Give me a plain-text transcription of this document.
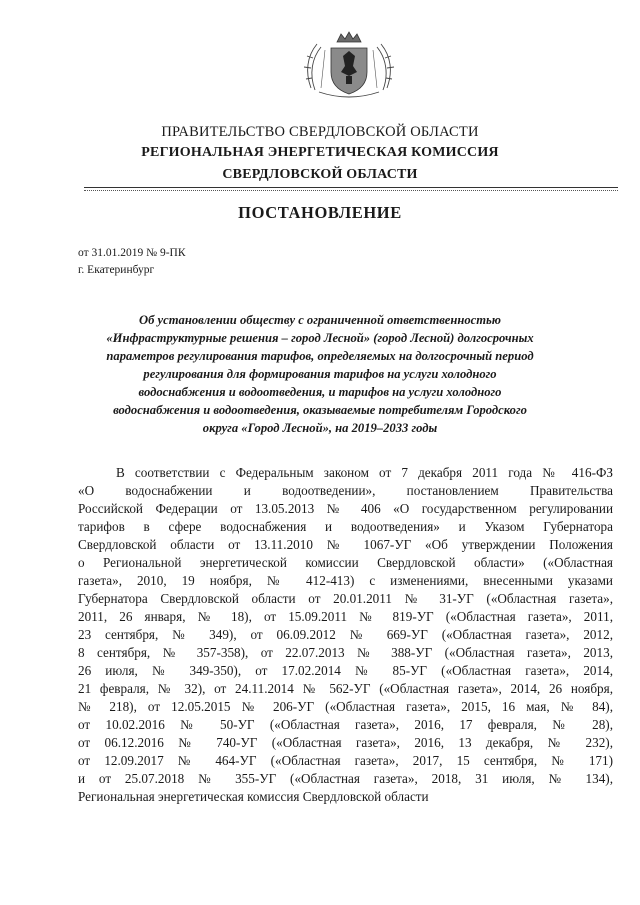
ПРАВИТЕЛЬСТВО СВЕРДЛОВСКОЙ ОБЛАСТИ
РЕГИОНАЛЬНАЯ ЭНЕРГЕТИЧЕСКАЯ КОМИССИЯ
СВЕРДЛОВСКОЙ ОБЛАСТИ
ПОСТАНОВЛЕНИЕ
от 31.01.2019 № 9-ПК
г. Екатеринбург
Об установлении обществу с ограниченной ответственностью
«Инфраструктурные решения – город Лесной» (город Лесной) долгосрочных
параметров регулирования тарифов, определяемых на долгосрочный период
регулирования для формирования тарифов на услуги холодного
водоснабжения и водоотведения, и тарифов на услуги холодного
водоснабжения и водоотведения, оказываемые потребителям Городского
округа «Город Лесной», на 2019–2033 годы
В соответствии с Федеральным законом от 7 декабря 2011 года № 416-ФЗ
«О водоснабжении и водоотведении», постановлением Правительства
Российской Федерации от 13.05.2013 № 406 «О государственном регулировании
тарифов в сфере водоснабжения и водоотведения» и Указом Губернатора
Свердловской области от 13.11.2010 № 1067-УГ «Об утверждении Положения
о Региональной энергетической комиссии Свердловской области» («Областная
газета», 2010, 19 ноября, № 412-413) с изменениями, внесенными указами
Губернатора Свердловской области от 20.01.2011 № 31-УГ («Областная газета»,
2011, 26 января, № 18), от 15.09.2011 № 819-УГ («Областная газета», 2011,
23 сентября, № 349), от 06.09.2012 № 669-УГ («Областная газета», 2012,
8 сентября, № 357-358), от 22.07.2013 № 388-УГ («Областная газета», 2013,
26 июля, № 349-350), от 17.02.2014 № 85-УГ («Областная газета», 2014,
21 февраля, № 32), от 24.11.2014 № 562-УГ («Областная газета», 2014, 26 ноября,
№ 218), от 12.05.2015 № 206-УГ («Областная газета», 2015, 16 мая, № 84),
от 10.02.2016 № 50-УГ («Областная газета», 2016, 17 февраля, № 28),
от 06.12.2016 № 740-УГ («Областная газета», 2016, 13 декабря, № 232),
от 12.09.2017 № 464-УГ («Областная газета», 2017, 15 сентября, № 171)
и от 25.07.2018 № 355-УГ («Областная газета», 2018, 31 июля, № 134),
Региональная энергетическая комиссия Свердловской области
